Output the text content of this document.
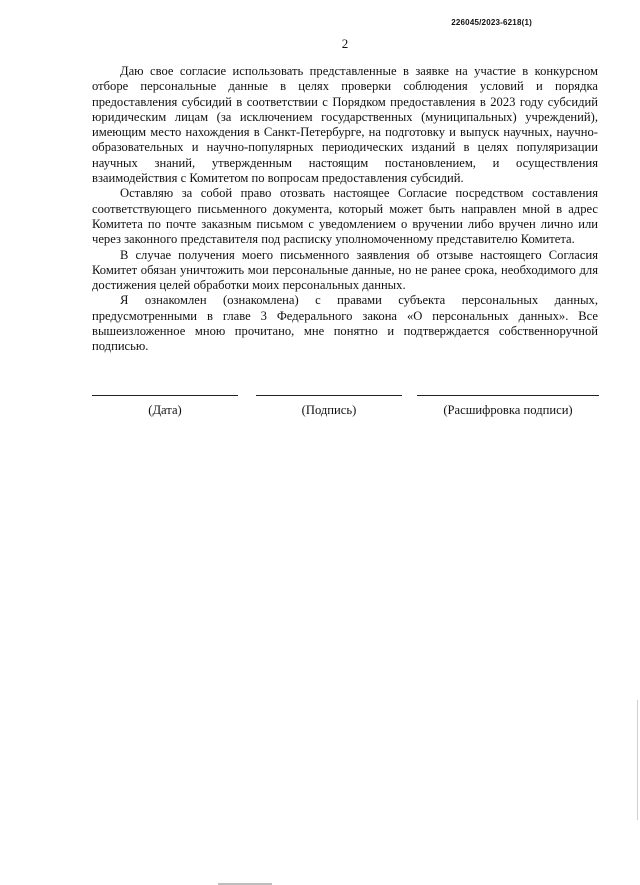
226045/2023-6218(1)
2

Даю свое согласие использовать представленные в заявке на участие в конкурсном отборе персональные данные в целях проверки соблюдения условий и порядка предоставления субсидий в соответствии с Порядком предоставления в 2023 году субсидий юридическим лицам (за исключением государственных (муниципальных) учреждений), имеющим место нахождения в Санкт-Петербурге, на подготовку и выпуск научных, научно-образовательных и научно-популярных периодических изданий в целях популяризации научных знаний, утвержденным настоящим постановлением, и осуществления взаимодействия с Комитетом по вопросам предоставления субсидий.

Оставляю за собой право отозвать настоящее Согласие посредством составления соответствующего письменного документа, который может быть направлен мной в адрес Комитета по почте заказным письмом с уведомлением о вручении либо вручен лично или через законного представителя под расписку уполномоченному представителю Комитета.

В случае получения моего письменного заявления об отзыве настоящего Согласия Комитет обязан уничтожить мои персональные данные, но не ранее срока, необходимого для достижения целей обработки моих персональных данных.

Я ознакомлен (ознакомлена) с правами субъекта персональных данных, предусмотренными в главе 3 Федерального закона «О персональных данных». Все вышеизложенное мною прочитано, мне понятно и подтверждается собственноручной подписью.

(Дата)	(Подпись)	(Расшифровка подписи)
